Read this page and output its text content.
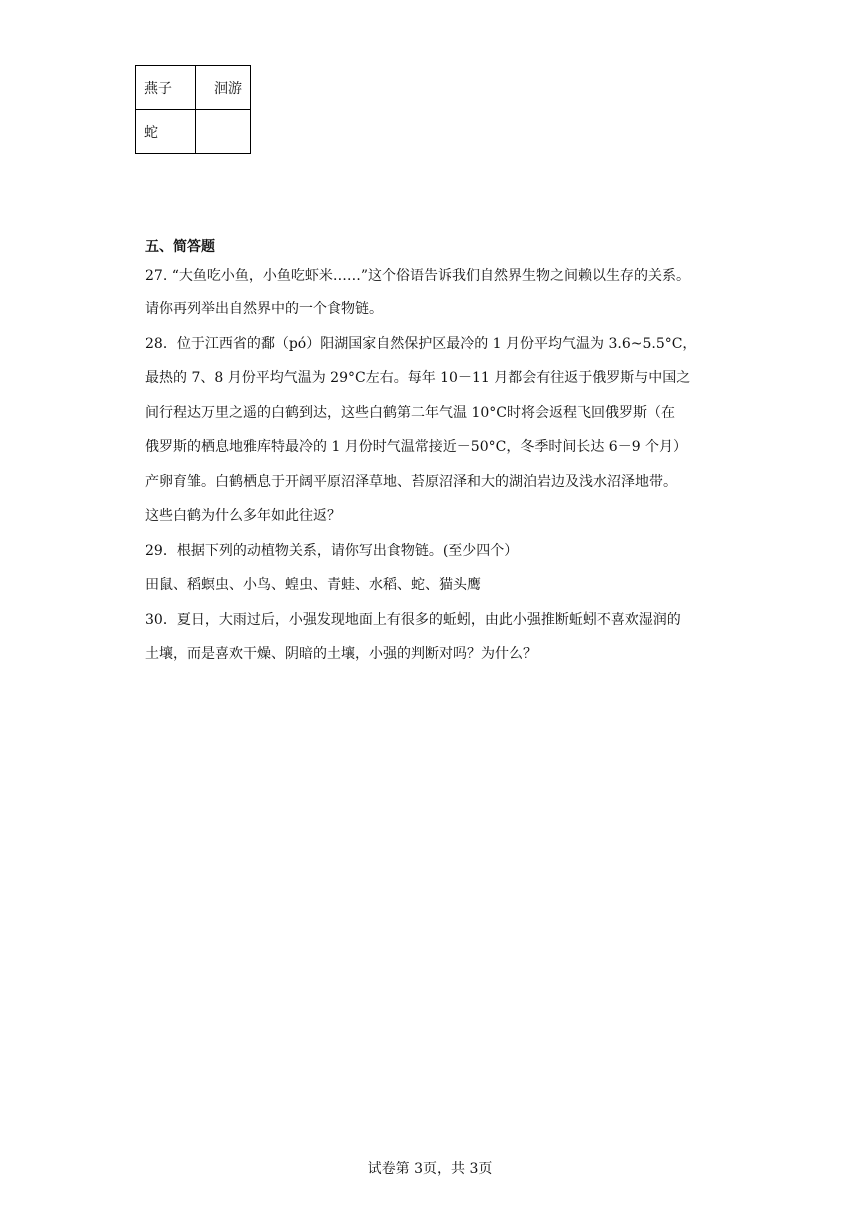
燕子	洄游
蛇	

五、简答题

27. “大鱼吃小鱼，小鱼吃虾米……”这个俗语告诉我们自然界生物之间赖以生存的关系。

请你再列举出自然界中的一个食物链。

28．位于江西省的鄱（pó）阳湖国家自然保护区最冷的 1 月份平均气温为 3.6~5.5°C，

最热的 7、8 月份平均气温为 29°C左右。每年 10－11 月都会有往返于俄罗斯与中国之

间行程达万里之遥的白鹤到达，这些白鹤第二年气温 10°C时将会返程飞回俄罗斯（在

俄罗斯的栖息地雅库特最冷的 1 月份时气温常接近－50°C，冬季时间长达 6－9 个月）

产卵育雏。白鹤栖息于开阔平原沼泽草地、苔原沼泽和大的湖泊岩边及浅水沼泽地带。

这些白鹤为什么多年如此往返？

29．根据下列的动植物关系，请你写出食物链。(至少四个）

田鼠、稻螟虫、小鸟、蝗虫、青蛙、水稻、蛇、猫头鹰

30．夏日，大雨过后，小强发现地面上有很多的蚯蚓，由此小强推断蚯蚓不喜欢湿润的

土壤，而是喜欢干燥、阴暗的土壤，小强的判断对吗？为什么？

试卷第 3页，共 3页
